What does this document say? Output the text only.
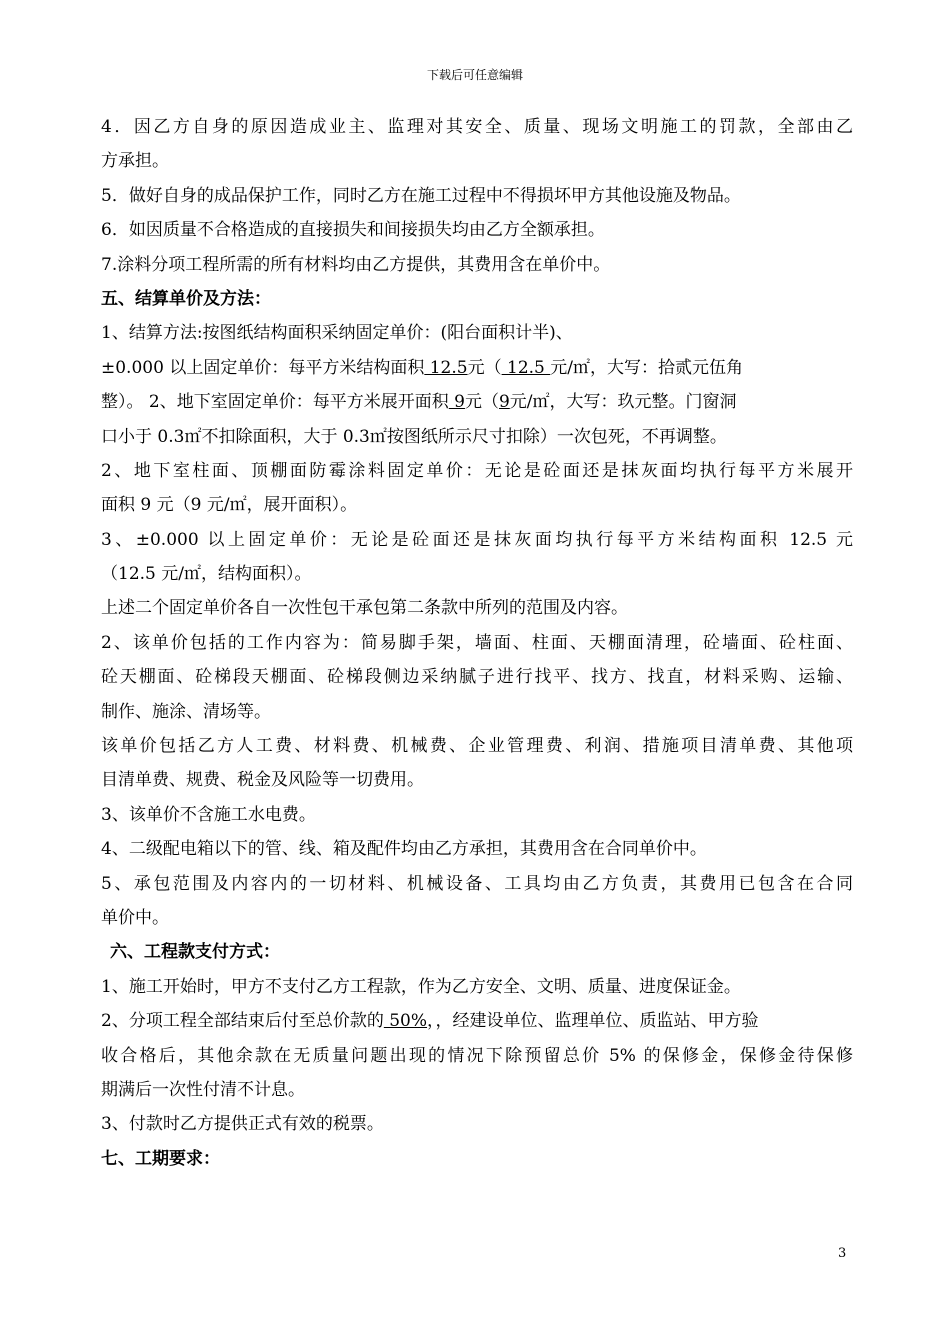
下载后可任意编辑
4．因乙方自身的原因造成业主、监理对其安全、质量、现场文明施工的罚款，全部由乙
方承担。
5．做好自身的成品保护工作，同时乙方在施工过程中不得损坏甲方其他设施及物品。
6．如因质量不合格造成的直接损失和间接损失均由乙方全额承担。
7.涂料分项工程所需的所有材料均由乙方提供，其费用含在单价中。
五、结算单价及方法：
1、结算方法:按图纸结构面积采纳固定单价：(阳台面积计半)、
±0.000 以上固定单价：每平方米结构面积 12.5元（ 12.5 元/㎡，大写：拾贰元伍角
整）。 2、地下室固定单价：每平方米展开面积 9元（9元/㎡，大写：玖元整。门窗洞
口小于 0.3㎡不扣除面积，大于 0.3㎡按图纸所示尺寸扣除）一次包死，不再调整。
2、地下室柱面、顶棚面防霉涂料固定单价：无论是砼面还是抹灰面均执行每平方米展开
面积 9 元（9 元/㎡，展开面积）。
3、±0.000 以上固定单价：无论是砼面还是抹灰面均执行每平方米结构面积 12.5 元
（12.5 元/㎡，结构面积）。
上述二个固定单价各自一次性包干承包第二条款中所列的范围及内容。
2、该单价包括的工作内容为：简易脚手架，墙面、柱面、天棚面清理，砼墙面、砼柱面、
砼天棚面、砼梯段天棚面、砼梯段侧边采纳腻子进行找平、找方、找直，材料采购、运输、
制作、施涂、清场等。
该单价包括乙方人工费、材料费、机械费、企业管理费、利润、措施项目清单费、其他项
目清单费、规费、税金及风险等一切费用。
3、该单价不含施工水电费。
4、二级配电箱以下的管、线、箱及配件均由乙方承担，其费用含在合同单价中。
5、承包范围及内容内的一切材料、机械设备、工具均由乙方负责，其费用已包含在合同
单价中。
六、工程款支付方式：
1、施工开始时，甲方不支付乙方工程款，作为乙方安全、文明、质量、进度保证金。
2、分项工程全部结束后付至总价款的 50%，，经建设单位、监理单位、质监站、甲方验
收合格后，其他余款在无质量问题出现的情况下除预留总价 5% 的保修金，保修金待保修
期满后一次性付清不计息。
3、付款时乙方提供正式有效的税票。
七、工期要求：
3
